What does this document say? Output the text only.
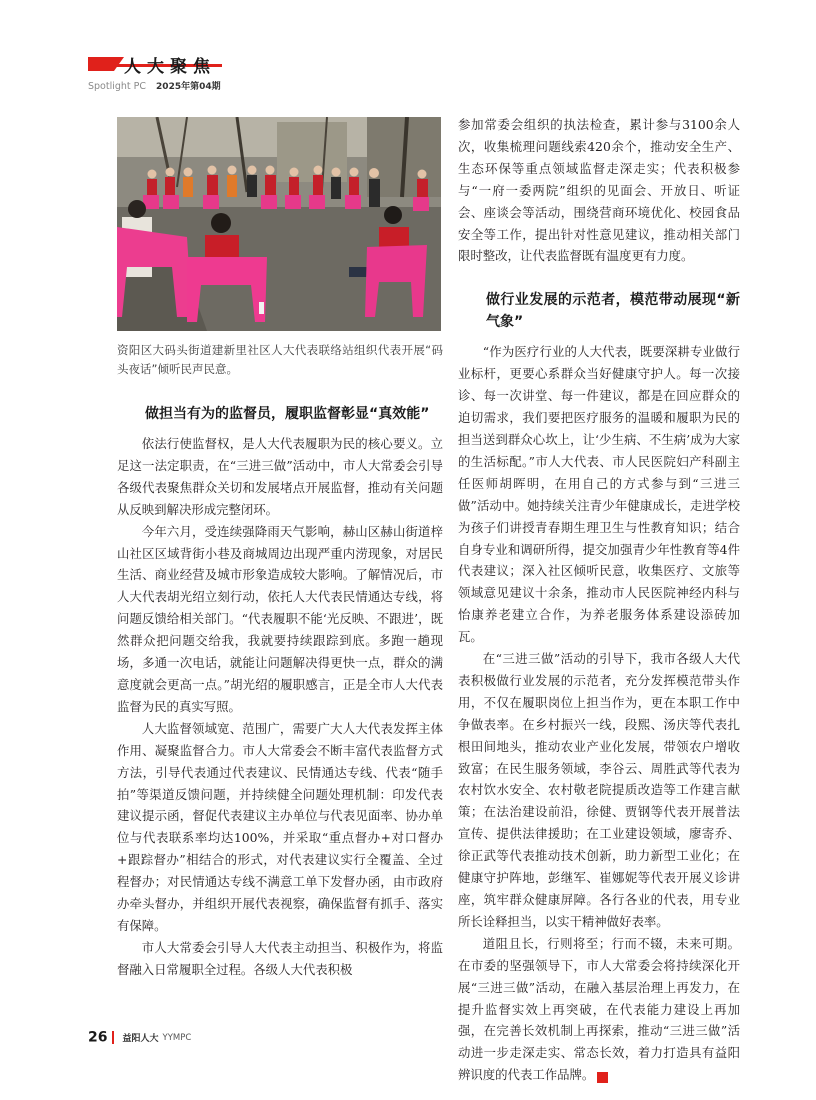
人大聚焦
Spotlight PC 2025年第04期
资阳区大码头街道建新里社区人大代表联络站组织代表开展“码头夜话”倾听民声民意。
做担当有为的监督员，履职监督彰显“真效能”

依法行使监督权，是人大代表履职为民的核心要义。立足这一法定职责，在“三进三做”活动中，市人大常委会引导各级代表聚焦群众关切和发展堵点开展监督，推动有关问题从反映到解决形成完整闭环。

今年六月，受连续强降雨天气影响，赫山区赫山街道梓山社区区域背街小巷及商城周边出现严重内涝现象，对居民生活、商业经营及城市形象造成较大影响。了解情况后，市人大代表胡光绍立刻行动，依托人大代表民情通达专线，将问题反馈给相关部门。“代表履职不能‘光反映、不跟进’，既然群众把问题交给我，我就要持续跟踪到底。多跑一趟现场，多通一次电话，就能让问题解决得更快一点，群众的满意度就会更高一点。”胡光绍的履职感言，正是全市人大代表监督为民的真实写照。

人大监督领域宽、范围广，需要广大人大代表发挥主体作用、凝聚监督合力。市人大常委会不断丰富代表监督方式方法，引导代表通过代表建议、民情通达专线、代表“随手拍”等渠道反馈问题，并持续健全问题处理机制：印发代表建议提示函，督促代表建议主办单位与代表见面率、协办单位与代表联系率均达100%，并采取“重点督办+对口督办+跟踪督办”相结合的形式，对代表建议实行全覆盖、全过程督办；对民情通达专线不满意工单下发督办函，由市政府办牵头督办，并组织开展代表视察，确保监督有抓手、落实有保障。

市人大常委会引导人大代表主动担当、积极作为，将监督融入日常履职全过程。各级人大代表积极

参加常委会组织的执法检查，累计参与3100余人次，收集梳理问题线索420余个，推动安全生产、生态环保等重点领域监督走深走实；代表积极参与“一府一委两院”组织的见面会、开放日、听证会、座谈会等活动，围绕营商环境优化、校园食品安全等工作，提出针对性意见建议，推动相关部门限时整改，让代表监督既有温度更有力度。

做行业发展的示范者，模范带动展现“新气象”

“作为医疗行业的人大代表，既要深耕专业做行业标杆，更要心系群众当好健康守护人。每一次接诊、每一次讲堂、每一件建议，都是在回应群众的迫切需求，我们要把医疗服务的温暖和履职为民的担当送到群众心坎上，让‘少生病、不生病’成为大家的生活标配。”市人大代表、市人民医院妇产科副主任医师胡晖明，在用自己的方式参与到“三进三做”活动中。她持续关注青少年健康成长，走进学校为孩子们讲授青春期生理卫生与性教育知识；结合自身专业和调研所得，提交加强青少年性教育等4件代表建议；深入社区倾听民意，收集医疗、文旅等领域意见建议十余条，推动市人民医院神经内科与怡康养老建立合作，为养老服务体系建设添砖加瓦。

在“三进三做”活动的引导下，我市各级人大代表积极做行业发展的示范者，充分发挥模范带头作用，不仅在履职岗位上担当作为，更在本职工作中争做表率。在乡村振兴一线，段熙、汤庆等代表扎根田间地头，推动农业产业化发展，带领农户增收致富；在民生服务领域，李谷云、周胜武等代表为农村饮水安全、农村敬老院提质改造等工作建言献策；在法治建设前沿，徐健、贾钢等代表开展普法宣传、提供法律援助；在工业建设领域，廖寄乔、徐正武等代表推动技术创新，助力新型工业化；在健康守护阵地，彭继军、崔娜妮等代表开展义诊讲座，筑牢群众健康屏障。各行各业的代表，用专业所长诠释担当，以实干精神做好表率。

道阻且长，行则将至；行而不辍，未来可期。在市委的坚强领导下，市人大常委会将持续深化开展“三进三做”活动，在融入基层治理上再发力，在提升监督实效上再突破，在代表能力建设上再加强，在完善长效机制上再探索，推动“三进三做”活动进一步走深走实、常态长效，着力打造具有益阳辨识度的代表工作品牌。	人

26 益阳人大 YYMPC
